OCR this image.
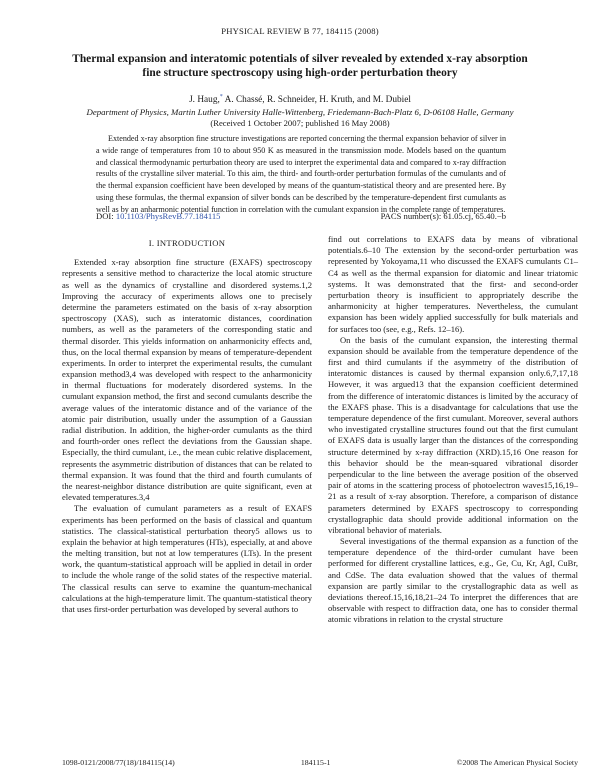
PHYSICAL REVIEW B 77, 184115 (2008)
Thermal expansion and interatomic potentials of silver revealed by extended x-ray absorption
fine structure spectroscopy using high-order perturbation theory
J. Haug,* A. Chassé, R. Schneider, H. Kruth, and M. Dubiel
Department of Physics, Martin Luther University Halle-Wittenberg, Friedemann-Bach-Platz 6, D-06108 Halle, Germany
(Received 1 October 2007; published 16 May 2008)
Extended x-ray absorption fine structure investigations are reported concerning the thermal expansion behavior of silver in a wide range of temperatures from 10 to about 950 K as measured in the transmission mode. Models based on the quantum and classical thermodynamic perturbation theory are used to interpret the experimental data and compared to x-ray diffraction results of the crystalline silver material. To this aim, the third- and fourth-order perturbation formulas of the cumulants and of the thermal expansion coefficient have been developed by means of the quantum-statistical theory and are presented here. By using these formulas, the thermal expansion of silver bonds can be described by the temperature-dependent first cumulants as well as by an anharmonic potential function in correlation with the cumulant expansion in the complete range of temperatures.
DOI: 10.1103/PhysRevB.77.184115	PACS number(s): 61.05.cj, 65.40.−b
I. INTRODUCTION

Extended x-ray absorption fine structure (EXAFS) spectroscopy represents a sensitive method to characterize the local atomic structure as well as the dynamics of crystalline and disordered systems.1,2 Improving the accuracy of experiments allows one to precisely determine the parameters estimated on the basis of x-ray absorption spectroscopy (XAS), such as interatomic distances, coordination numbers, as well as the parameters of the corresponding static and thermal disorder. This yields information on anharmonicity effects and, thus, on the local thermal expansion by means of temperature-dependent experiments. In order to interpret the experimental results, the cumulant expansion method3,4 was developed with respect to the anharmonicity in thermal fluctuations for moderately disordered systems. In the cumulant expansion method, the first and second cumulants describe the average values of the interatomic distance and of the variance of the atomic pair distribution, usually under the assumption of a Gaussian radial distribution. In addition, the higher-order cumulants as the third and fourth-order ones reflect the deviations from the Gaussian shape. Especially, the third cumulant, i.e., the mean cubic relative displacement, represents the asymmetric distribution of distances that can be related to thermal expansion. It was found that the third and fourth cumulants of the nearest-neighbor distance distribution are quite significant, even at elevated temperatures.3,4

The evaluation of cumulant parameters as a result of EXAFS experiments has been performed on the basis of classical and quantum statistics. The classical-statistical perturbation theory5 allows us to explain the behavior at high temperatures (HTs), especially, at and above the melting transition, but not at low temperatures (LTs). In the present work, the quantum-statistical approach will be applied in detail in order to include the whole range of the solid states of the respective material. The classical results can serve to examine the quantum-mechanical calculations at the high-temperature limit. The quantum-statistical theory that uses first-order perturbation was developed by several authors to

find out correlations to EXAFS data by means of vibrational potentials.6–10 The extension by the second-order perturbation was represented by Yokoyama,11 who discussed the EXAFS cumulants C1–C4 as well as the thermal expansion for diatomic and linear triatomic systems. It was demonstrated that the first- and second-order perturbation theory is insufficient to appropriately describe the anharmonicity at higher temperatures. Nevertheless, the cumulant expansion has been widely applied successfully for bulk materials and for surfaces too (see, e.g., Refs. 12–16).

On the basis of the cumulant expansion, the interesting thermal expansion should be available from the temperature dependence of the first and third cumulants if the asymmetry of the distribution of interatomic distances is caused by thermal expansion only.6,7,17,18 However, it was argued13 that the expansion coefficient determined from the difference of interatomic distances is limited by the accuracy of the EXAFS phase. This is a disadvantage for calculations that use the temperature dependence of the first cumulant. Moreover, several authors who investigated crystalline structures found out that the first cumulant of EXAFS data is usually larger than the distances of the corresponding structure determined by x-ray diffraction (XRD).15,16 One reason for this behavior should be the mean-squared vibrational disorder perpendicular to the line between the average position of the observed pair of atoms in the scattering process of photoelectron waves15,16,19–21 as a result of x-ray absorption. Therefore, a comparison of distance parameters determined by EXAFS spectroscopy to corresponding crystallographic data should provide additional information on the vibrational behavior of materials.

Several investigations of the thermal expansion as a function of the temperature dependence of the third-order cumulant have been performed for different crystalline lattices, e.g., Ge, Cu, Kr, AgI, CuBr, and CdSe. The data evaluation showed that the values of thermal expansion are partly similar to the crystallographic data as well as deviations thereof.15,16,18,21–24 To interpret the differences that are observable with respect to diffraction data, one has to consider thermal atomic vibrations in relation to the crystal structure

1098-0121/2008/77(18)/184115(14)	184115-1	©2008 The American Physical Society
